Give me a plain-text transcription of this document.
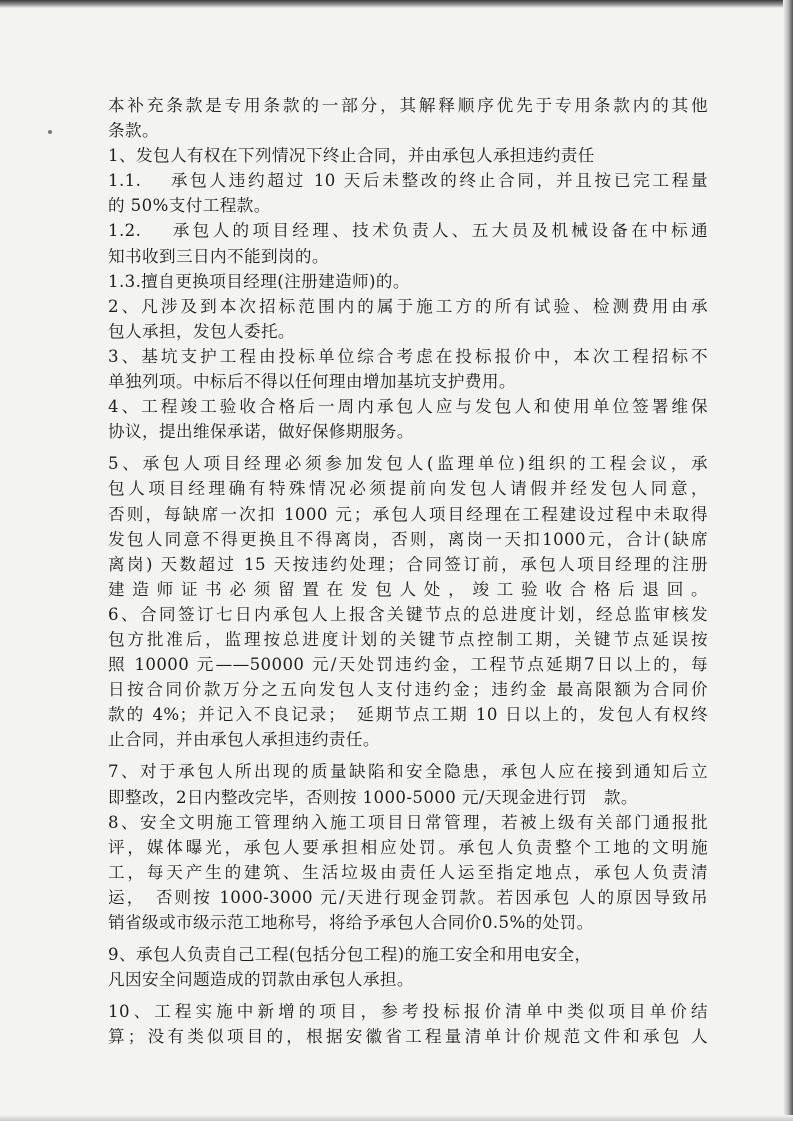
本补充条款是专用条款的一部分，其解释顺序优先于专用条款内的其他
条款。
1、发包人有权在下列情况下终止合同，并由承包人承担违约责任
1.1.　 承包人违约超过 10 天后未整改的终止合同，并且按已完工程量
的 50%支付工程款。
1.2.　 承包人的项目经理、技术负责人、五大员及机械设备在中标通
知书收到三日内不能到岗的。
1.3.擅自更换项目经理(注册建造师)的。
2、凡涉及到本次招标范围内的属于施工方的所有试验、检测费用由承
包人承担，发包人委托。
3、基坑支护工程由投标单位综合考虑在投标报价中，本次工程招标不
单独列项。中标后不得以任何理由增加基坑支护费用。
4、工程竣工验收合格后一周内承包人应与发包人和使用单位签署维保
协议，提出维保承诺，做好保修期服务。
5、承包人项目经理必须参加发包人(监理单位)组织的工程会议，承
包人项目经理确有特殊情况必须提前向发包人请假并经发包人同意，
否则，每缺席一次扣 1000 元；承包人项目经理在工程建设过程中未取得
发包人同意不得更换且不得离岗，否则，离岗一天扣1000元，合计(缺席
离岗) 天数超过 15 天按违约处理；合同签订前，承包人项目经理的注册
建造师证书必须留置在发包人处，竣工验收合格后退回。
6、合同签订七日内承包人上报含关键节点的总进度计划，经总监审核发
包方批准后，监理按总进度计划的关键节点控制工期，关键节点延误按
照 10000 元——50000 元/天处罚违约金，工程节点延期7日以上的，每
日按合同价款万分之五向发包人支付违约金；违约金 最高限额为合同价
款的 4%；并记入不良记录；　延期节点工期 10 日以上的，发包人有权终
止合同，并由承包人承担违约责任。
7、对于承包人所出现的质量缺陷和安全隐患，承包人应在接到通知后立
即整改，2日内整改完毕，否则按 1000-5000 元/天现金进行罚　款。
8、安全文明施工管理纳入施工项目日常管理，若被上级有关部门通报批
评，媒体曝光，承包人要承担相应处罚。承包人负责整个工地的文明施
工，每天产生的建筑、生活垃圾由责任人运至指定地点，承包人负责清
运，　否则按 1000-3000 元/天进行现金罚款。若因承包 人的原因导致吊
销省级或市级示范工地称号，将给予承包人合同价0.5%的处罚。
9、承包人负责自己工程(包括分包工程)的施工安全和用电安全，
凡因安全问题造成的罚款由承包人承担。
10、工程实施中新增的项目，参考投标报价清单中类似项目单价结
算；没有类似项目的，根据安徽省工程量清单计价规范文件和承包 人
